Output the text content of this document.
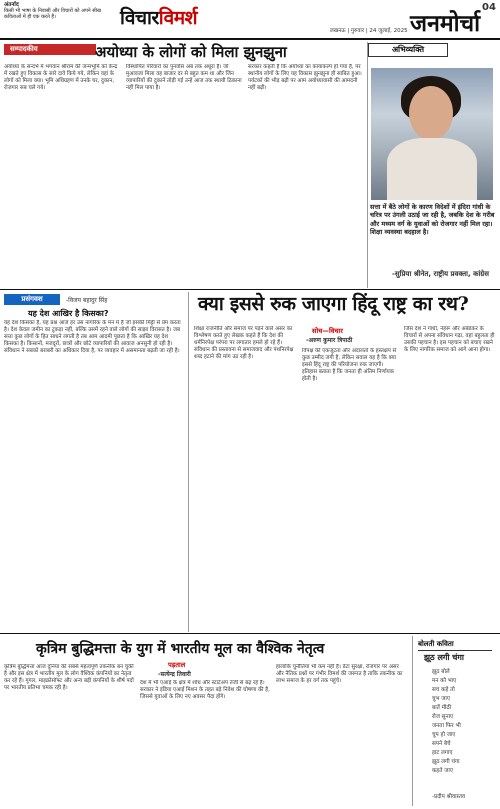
अंतर्नाद
किसी भी भाषा के निवासी और विचारों को अपने सीख कविताओं में ही एक करते हैं।	विचारविमर्श
लखनऊ | गुरुवार | 24 जुलाई, 2025 जनमोर्चा
04
सम्पादकीय	अयोध्या के लोगों को मिला झुनझुना
अयोध्या के सन्दर्भ में भगवान श्रीराम की जन्मभूमि को केन्द्र में रखते हुए विकास के सारे दावे किये गये, लेकिन वहां के लोगों को मिला क्या। भूमि अधिग्रहण में उनके घर, दुकान, रोजगार सब चले गये।
विस्थापित परिवारों का पुनर्वास अब तक अधूरा है। जो मुआवजा मिला वह बाजार दर से बहुत कम था और जिन व्यापारियों की दुकानें तोड़ी गईं उन्हें आज तक स्थायी ठिकाना नहीं मिल पाया है।
सरकार कहती है कि अयोध्या का कायाकल्प हो गया है, पर स्थानीय लोगों के लिए यह विकास झुनझुना ही साबित हुआ। पर्यटकों की भीड़ बढ़ी पर आम अयोध्यावासी की आमदनी नहीं बढ़ी।
अभिव्यक्ति
सत्ता में बैठे लोगों के कारण विदेशों में इंदिरा गांधी के चरित्र पर उंगली उठाई जा रही है, जबकि देश के गरीब और मध्यम वर्ग के युवाओं को रोजगार नहीं मिल रहा। शिक्षा व्यवस्था बदहाल है।
-सुप्रिया श्रीनेत, राष्ट्रीय प्रवक्ता, कांग्रेस
प्रसंगवश	-विजय बहादुर सिंह
यह देश आखिर है किसका?
यह देश किसका है, यह प्रश्न आज हर उस नागरिक के मन में है जो इसकी मिट्टी से प्रेम करता है। देश केवल जमीन का टुकड़ा नहीं, बल्कि उसमें रहने वाले लोगों की साझा विरासत है। जब सत्ता कुछ लोगों के हित साधने लगती है तब आम आदमी पूछता है कि आखिर यह देश किसका है। किसानों, मजदूरों, छात्रों और छोटे व्यापारियों की आवाज अनसुनी हो रही है। संविधान ने सबको बराबरी का अधिकार दिया है, पर व्यवहार में असमानता बढ़ती जा रही है।
क्या इससे रुक जाएगा हिंदू राष्ट्र का रथ?
सोच—विचार
-अरुण कुमार त्रिपाठी
शिक्षा राजनीति और समाज पर पड़ने वाले असर का विश्लेषण करते हुए लेखक कहते हैं कि देश की धर्मनिरपेक्ष परंपरा पर लगातार हमले हो रहे हैं। संविधान की प्रस्तावना से समाजवाद और पंथनिरपेक्ष शब्द हटाने की मांग उठ रही है।
विपक्ष की एकजुटता और अदालतों के हस्तक्षेप से कुछ उम्मीद जगी है, लेकिन सवाल यह है कि क्या इससे हिंदू राष्ट्र की परियोजना रुक जाएगी। इतिहास बताता है कि जनता ही अंतिम निर्णायक होती है।
जिस देश ने गांधी, नेहरू और अंबेडकर के विचारों से अपना संविधान गढ़ा, वहां बहुलता ही उसकी पहचान है। इस पहचान को बचाए रखने के लिए नागरिक समाज को आगे आना होगा।
कृत्रिम बुद्धिमत्ता के युग में भारतीय मूल का वैश्विक नेतृत्व
पड़ताल
-सत्येन्द्र तिवारी
कृत्रिम बुद्धिमत्ता आज दुनिया की सबसे महत्वपूर्ण तकनीक बन चुकी है और इस क्षेत्र में भारतीय मूल के लोग वैश्विक कंपनियों का नेतृत्व कर रहे हैं। गूगल, माइक्रोसॉफ्ट और अन्य बड़ी कंपनियों के शीर्ष पदों पर भारतीय प्रतिभा चमक रही है।
देश में भी एआई के क्षेत्र में शोध और स्टार्टअप तेजी से बढ़ रहे हैं। सरकार ने इंडिया एआई मिशन के तहत बड़े निवेश की घोषणा की है, जिससे युवाओं के लिए नए अवसर पैदा होंगे।
हालांकि चुनौतियां भी कम नहीं हैं। डेटा सुरक्षा, रोजगार पर असर और नैतिक प्रश्नों पर गंभीर विमर्श की जरूरत है ताकि तकनीक का लाभ समाज के हर वर्ग तक पहुंचे।
बोलती कविता
झूठ लगी चंगा
झूठ बोले
मन को भाए
सच कहे तो
चुभ जाए
बातें मीठी
रोज सुनाए
जनता फिर भी
चुप हो जाए
सपने बेचे
हाट लगाए
झूठ लगी चंगा
कहते जाए
-प्रदीप श्रीवास्तव
